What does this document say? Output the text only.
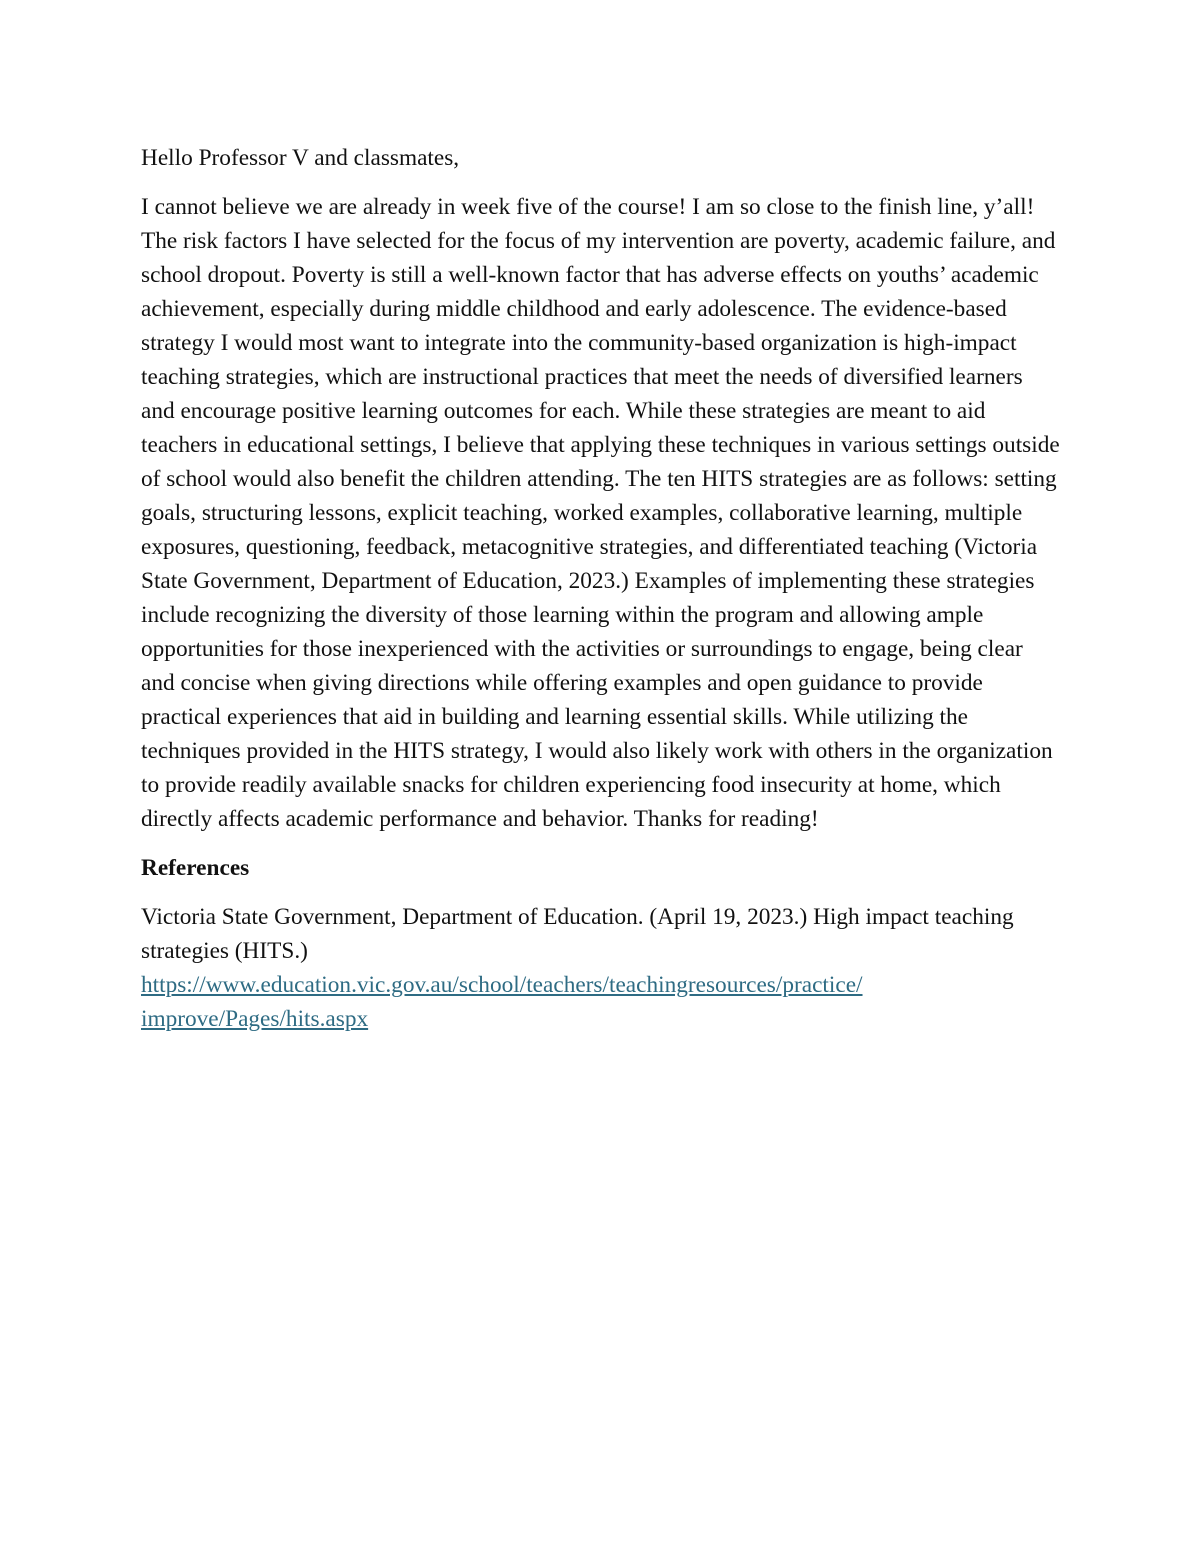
Hello Professor V and classmates,

I cannot believe we are already in week five of the course! I am so close to the finish line, y’all! The risk factors I have selected for the focus of my intervention are poverty, academic failure, and school dropout. Poverty is still a well-known factor that has adverse effects on youths’ academic achievement, especially during middle childhood and early adolescence. The evidence-based strategy I would most want to integrate into the community-based organization is high-impact teaching strategies, which are instructional practices that meet the needs of diversified learners and encourage positive learning outcomes for each. While these strategies are meant to aid teachers in educational settings, I believe that applying these techniques in various settings outside of school would also benefit the children attending. The ten HITS strategies are as follows: setting goals, structuring lessons, explicit teaching, worked examples, collaborative learning, multiple exposures, questioning, feedback, metacognitive strategies, and differentiated teaching (Victoria State Government, Department of Education, 2023.) Examples of implementing these strategies include recognizing the diversity of those learning within the program and allowing ample opportunities for those inexperienced with the activities or surroundings to engage, being clear and concise when giving directions while offering examples and open guidance to provide practical experiences that aid in building and learning essential skills. While utilizing the techniques provided in the HITS strategy, I would also likely work with others in the organization to provide readily available snacks for children experiencing food insecurity at home, which directly affects academic performance and behavior. Thanks for reading!

References

Victoria State Government, Department of Education. (April 19, 2023.) High impact teaching strategies (HITS.)
https://www.education.vic.gov.au/school/teachers/teachingresources/practice/
improve/Pages/hits.aspx
